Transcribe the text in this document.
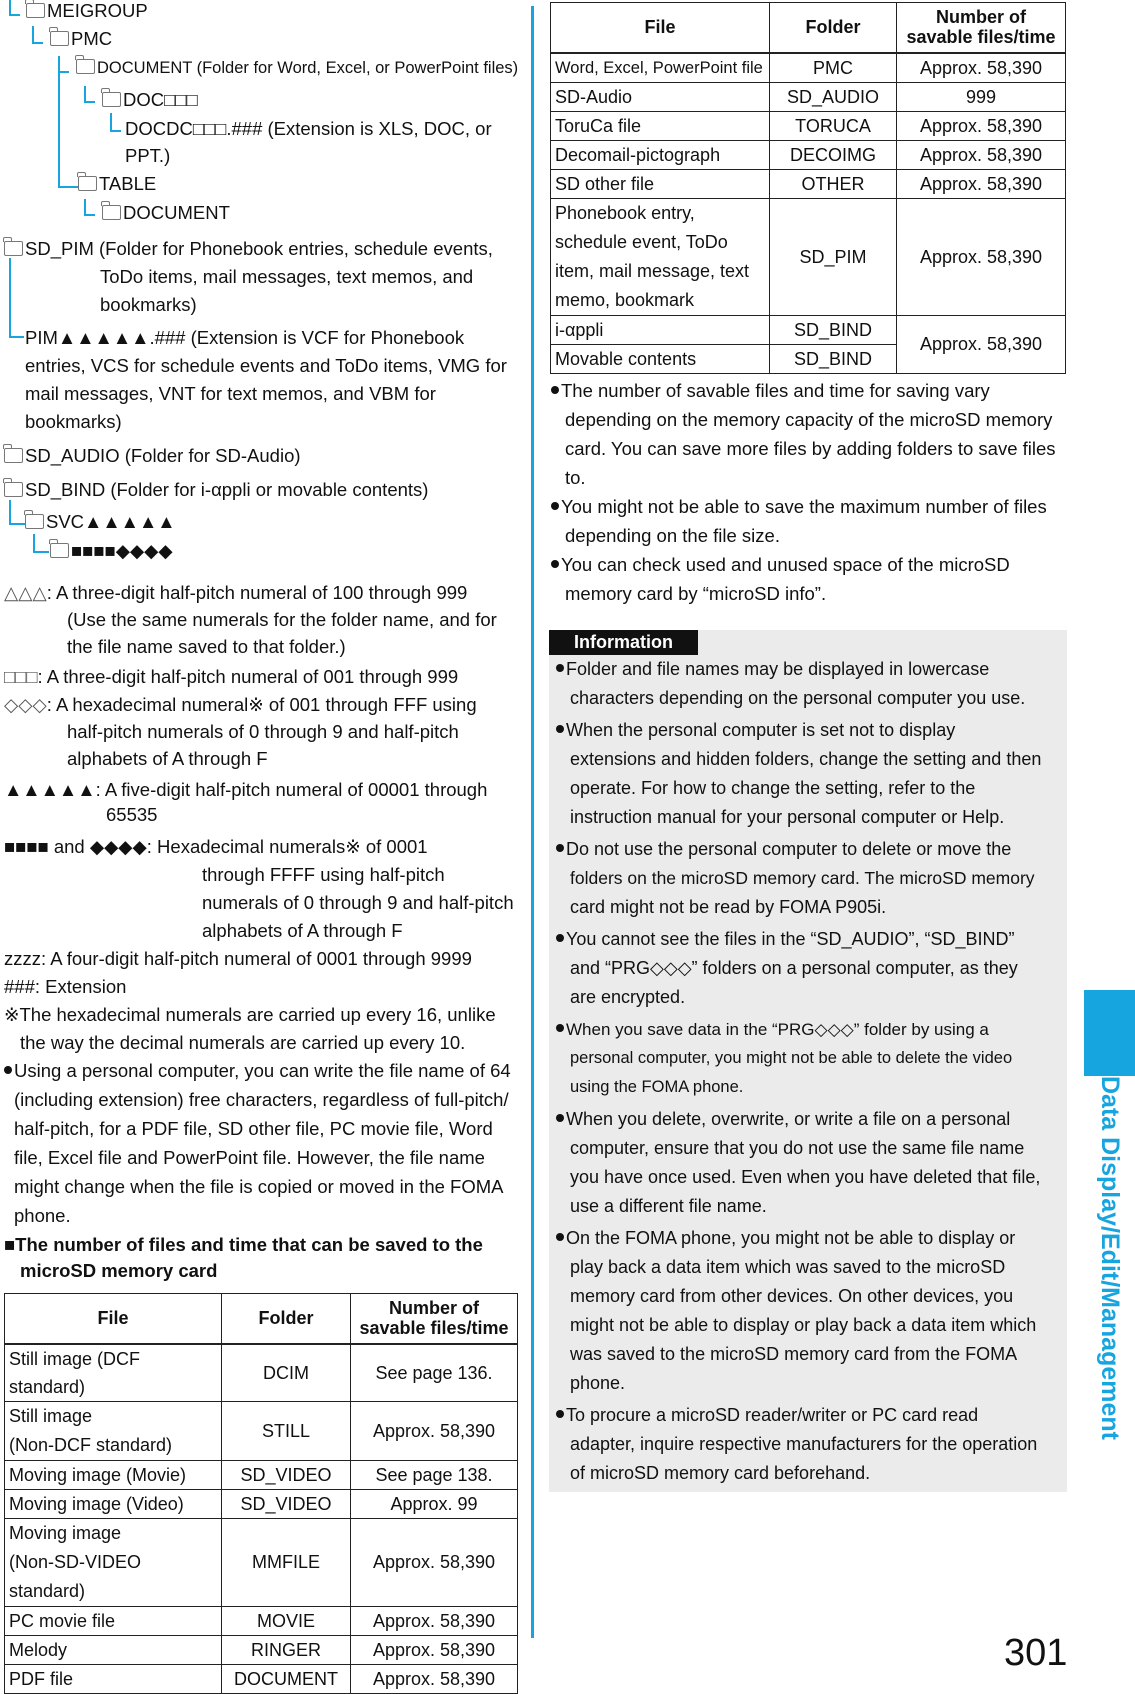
Data Display/Edit/Management
301
MEIGROUP
PMC
DOCUMENT (Folder for Word, Excel, or PowerPoint files)
DOC□□□
DOCDC□□□.### (Extension is XLS, DOC, or
PPT.)
TABLE
DOCUMENT
SD_PIM (Folder for Phonebook entries, schedule events,
ToDo items, mail messages, text memos, and
bookmarks)
PIM▲▲▲▲▲.### (Extension is VCF for Phonebook
entries, VCS for schedule events and ToDo items, VMG for
mail messages, VNT for text memos, and VBM for
bookmarks)
SD_AUDIO (Folder for SD-Audio)
SD_BIND (Folder for i-αppli or movable contents)
SVC▲▲▲▲▲
■■■■◆◆◆◆
△△△: A three-digit half-pitch numeral of 100 through 999
(Use the same numerals for the folder name, and for
the file name saved to that folder.)
□□□: A three-digit half-pitch numeral of 001 through 999
◇◇◇: A hexadecimal numeral※ of 001 through FFF using
half-pitch numerals of 0 through 9 and half-pitch
alphabets of A through F
▲▲▲▲▲: A five-digit half-pitch numeral of 00001 through
65535
■■■■ and ◆◆◆◆: Hexadecimal numerals※ of 0001
through FFFF using half-pitch
numerals of 0 through 9 and half-pitch
alphabets of A through F
zzzz: A four-digit half-pitch numeral of 0001 through 9999
###: Extension
※The hexadecimal numerals are carried up every 16, unlike
the way the decimal numerals are carried up every 10.

Using a personal computer, you can write the file name of 64

(including extension) free characters, regardless of full-pitch/

half-pitch, for a PDF file, SD other file, PC movie file, Word

file, Excel file and PowerPoint file. However, the file name

might change when the file is copied or moved in the FOMA

phone.

■The number of files and time that can be saved to the
microSD memory card
File	Folder	Number of
savable files/time
Still image (DCF standard)	DCIM	See page 136.
Still image
(Non-DCF standard)	STILL	Approx. 58,390
Moving image (Movie)	SD_VIDEO	See page 138.
Moving image (Video)	SD_VIDEO	Approx. 99
Moving image
(Non-SD-VIDEO standard)	MMFILE	Approx. 58,390
PC movie file	MOVIE	Approx. 58,390
Melody	RINGER	Approx. 58,390
PDF file	DOCUMENT	Approx. 58,390
File	Folder	Number of
savable files/time
Word, Excel, PowerPoint file	PMC	Approx. 58,390
SD-Audio	SD_AUDIO	999
ToruCa file	TORUCA	Approx. 58,390
Decomail-pictograph	DECOIMG	Approx. 58,390
SD other file	OTHER	Approx. 58,390
Phonebook entry,
schedule event, ToDo
item, mail message, text
memo, bookmark	SD_PIM	Approx. 58,390
i-αppli	SD_BIND	Approx. 58,390
Movable contents	SD_BIND	

The number of savable files and time for saving vary

depending on the memory capacity of the microSD memory

card. You can save more files by adding folders to save files

to.

You might not be able to save the maximum number of files

depending on the file size.

You can check used and unused space of the microSD

memory card by “microSD info”.

Information

Folder and file names may be displayed in lowercase

characters depending on the personal computer you use.

When the personal computer is set not to display

extensions and hidden folders, change the setting and then

operate. For how to change the setting, refer to the

instruction manual for your personal computer or Help.

Do not use the personal computer to delete or move the

folders on the microSD memory card. The microSD memory

card might not be read by FOMA P905i.

You cannot see the files in the “SD_AUDIO”, “SD_BIND”

and “PRG◇◇◇” folders on a personal computer, as they

are encrypted.

When you save data in the “PRG◇◇◇” folder by using a

personal computer, you might not be able to delete the video

using the FOMA phone.

When you delete, overwrite, or write a file on a personal

computer, ensure that you do not use the same file name

you have once used. Even when you have deleted that file,

use a different file name.

On the FOMA phone, you might not be able to display or

play back a data item which was saved to the microSD

memory card from other devices. On other devices, you

might not be able to display or play back a data item which

was saved to the microSD memory card from the FOMA

phone.

To procure a microSD reader/writer or PC card read

adapter, inquire respective manufacturers for the operation

of microSD memory card beforehand.
